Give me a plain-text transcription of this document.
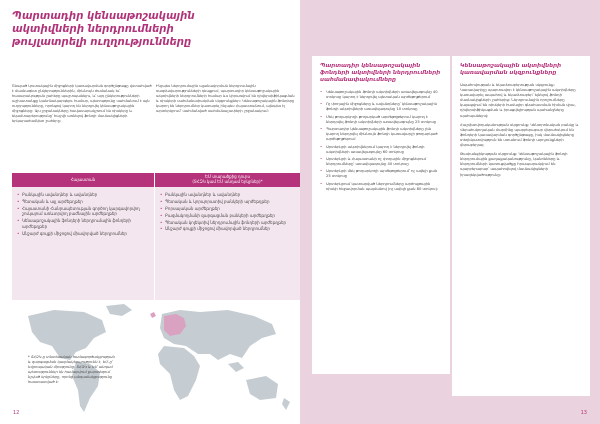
Պարտադիր կենսաթոշակային
ակտիվների ներդրումների
թույլատրելի ուղղությունները
Շնայած կուտակային միջոցների կառավարման գործընթացը վստահված է մասնագետ ընկերություններին, միևնույն ժամանակ եւ՛ հասարակության շահերը պաշտպանելու, և՛ այդ ընկերությունների աշխատանքը կանոնակարգելու համար, պետությունը սահմանում է այն ուղղությունները, որոնցով կարող են ներդրվել կենսաթոշակային միջոցները։ Այս շրջանակները հավասարակշռում են ռիսկերը և եկամտաբերությունը՝ հաշվի առնելով ֆոնդի մասնակիցների երկարաժամկետ շահերը։
Ինչպես ներդրումային պլանավորման ներդրումային ռազմավարությունների դեպքում, պարտադիր կենսաթոշակային ակտիվների ներդրումների համար ևս կիրառվում են դիվերսիֆիկացման և ռիսկերի սահմանափակման սկզբունքներ։ Կենսաթոշակային ֆոնդերը կարող են ներդրումներ կատարել ինչպես Հայաստանում, այնպես էլ արտերկրում՝ սահմանված սահմանաչափերի շրջանակում։
Հայաստան	ԵՄ տարածքից դուրս
(ՏՀԶԿ կամ ԵՄ անդամ երկրներ)*
• Բանկային ավանդներ և ավանդներ
• Պետական և այլ արժեթղթեր
• Հայաստանի Հանրապետության գործող կարգավորվող շուկայում առևտրվող բաժնային արժեթղթեր
• Կենսաթոշակային ֆոնդերի ներդրումային ֆոնդերի արժեթղթեր
• Անշարժ գույքի միջոցով միավորված ներդրումներ
• Բանկային ավանդներ և ավանդներ
• Պետական և կորպորատիվ բանկերի արժեթղթեր
• Բորսայական արժեթղթեր
• Բազմակողմանի զարգացման բանկերի արժեթղթեր
• Պետական կոլեկտիվ ներդրումային ֆոնդերի արժեթղթեր
• Անշարժ գույքի միջոցով միավորված ներդրումներ
* ՏՀԶԿ-ը տնտեսական համագործակցության և զարգացման կազմակերպությունն է, ԵՄ-ը՝ Եվրոպական միությունը։ ՏՀԶԿ և ԵՄ անդամ պետություններ են համարվում քարտեզում նշված երկրները, որոնց անդամակցությունը հաստատված է։
12
Պարտադիր կենսաթոշակային ֆոնդերի ակտիվների ներդրումների սահմանափակումները
• Կենսաթոշակային ֆոնդի ակտիվների առավելագույնը 40 տոկոսը կարող է ներդրվել պետական արժեթղթերում
• Ոչ փողային միջոցները և ավանդները՝ կենսաթոշակային ֆոնդի ակտիվների առավելագույնը 10 տոկոսը
• Մեկ թողարկողի թողարկած արժեթղթերում կարող է ներդրվել ֆոնդի ակտիվների առավելագույնը 25 տոկոսը
• Պարտադիր կենսաթոշակային ֆոնդի ակտիվները չեն կարող ներդրվել միևնույն ֆոնդի կառավարչի թողարկած արժեթղթերում
• Արտերկրի ակտիվներում կարող է ներդրվել ֆոնդի ակտիվների առավելագույնը 60 տոկոսը
• Արտերկրի և Հայաստանի ոչ փողային միջոցներում ներդրումները՝ առավելագույնը 40 տոկոսը
• Արտերկրի մեկ թողարկողի արժեթղթերում՝ ոչ ավելի քան 25 տոկոսը
• Արտերկրում կատարված ներդրումները արժույթային ռիսկի հեջավորման պայմանով (ոչ ավելի քան 80 տոկոս)։
Կենսաթոշակային ակտիվների կառավարման սկզբունքները

Ապահովության և եկամտաբերության սկզբունք։ Կառավարիչը պարտավոր է կենսաթոշակային ակտիվները կառավարել ապահով և եկամտաբեր՝ ելնելով ֆոնդի մասնակիցների շահերից։ Ներդրումային որոշումները կայացվում են ռիսկերի համալիր գնահատման հիման վրա, դիվերսիֆիկացման և իրացվելիության պահանջները պահպանելով։

Հաշվետվողականության սկզբունք։ Կենտրոնական բանկը և Վերահսկողական մարմինը պարբերաբար վերահսկում են ֆոնդերի կառավարման գործընթացը, իսկ մասնակիցները տեղեկատվություն են ստանում ֆոնդի արդյունքների վերաբերյալ։

Թափանցիկության սկզբունք։ Կենսաթոշակային ֆոնդի ներդրումային քաղաքականությունը, կանոնները և ներդրումների կառուցվածքը հրապարակվում են պարբերաբար՝ ապահովելով մասնակիցների իրազեկվածությունը։

13
